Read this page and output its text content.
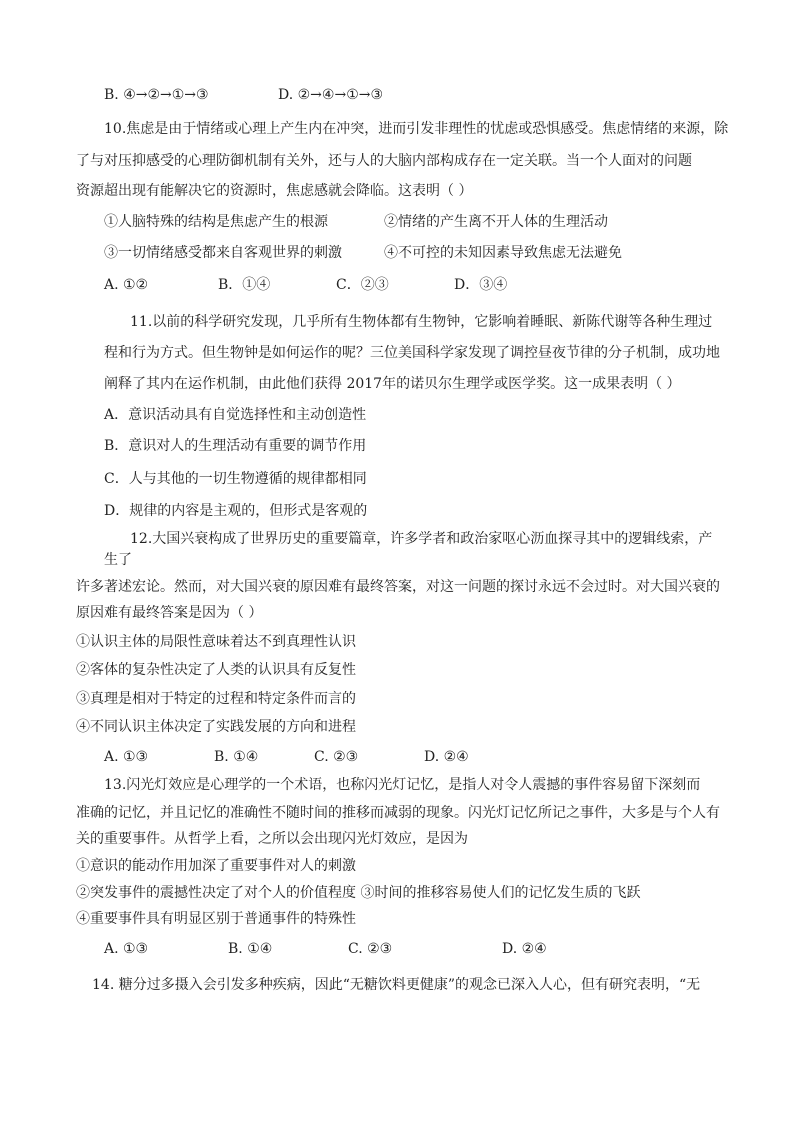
B. ④→②→①→③	D. ②→④→①→③
10.焦虑是由于情绪或心理上产生内在冲突，进而引发非理性的忧虑或恐惧感受。焦虑情绪的来源，除
了与对压抑感受的心理防御机制有关外，还与人的大脑内部构成存在一定关联。当一个人面对的问题
资源超出现有能解决它的资源时，焦虑感就会降临。这表明（ ）
①人脑特殊的结构是焦虑产生的根源	②情绪的产生离不开人体的生理活动
③一切情绪感受都来自客观世界的刺激	④不可控的未知因素导致焦虑无法避免
A. ①②	B．①④	C．②③	D．③④
11.以前的科学研究发现，几乎所有生物体都有生物钟，它影响着睡眠、新陈代谢等各种生理过
程和行为方式。但生物钟是如何运作的呢？三位美国科学家发现了调控昼夜节律的分子机制，成功地
阐释了其内在运作机制，由此他们获得 2017年的诺贝尔生理学或医学奖。这一成果表明（ ）
A．意识活动具有自觉选择性和主动创造性
B．意识对人的生理活动有重要的调节作用
C．人与其他的一切生物遵循的规律都相同
D．规律的内容是主观的，但形式是客观的
12.大国兴衰构成了世界历史的重要篇章，许多学者和政治家呕心沥血探寻其中的逻辑线索，产
生了
许多著述宏论。然而，对大国兴衰的原因难有最终答案，对这一问题的探讨永远不会过时。对大国兴衰的
原因难有最终答案是因为（ ）
①认识主体的局限性意味着达不到真理性认识
②客体的复杂性决定了人类的认识具有反复性
③真理是相对于特定的过程和特定条件而言的
④不同认识主体决定了实践发展的方向和进程
A. ①③	B. ①④	C. ②③	D. ②④
13.闪光灯效应是心理学的一个术语，也称闪光灯记忆，是指人对令人震撼的事件容易留下深刻而
准确的记忆，并且记忆的准确性不随时间的推移而减弱的现象。闪光灯记忆所记之事件，大多是与个人有
关的重要事件。从哲学上看，之所以会出现闪光灯效应，是因为
①意识的能动作用加深了重要事件对人的刺激
②突发事件的震撼性决定了对个人的价值程度 ③时间的推移容易使人们的记忆发生质的飞跃
④重要事件具有明显区别于普通事件的特殊性
A. ①③	B. ①④	C. ②③	D. ②④
14. 糖分过多摄入会引发多种疾病，因此“无糖饮料更健康”的观念已深入人心，但有研究表明，“无
